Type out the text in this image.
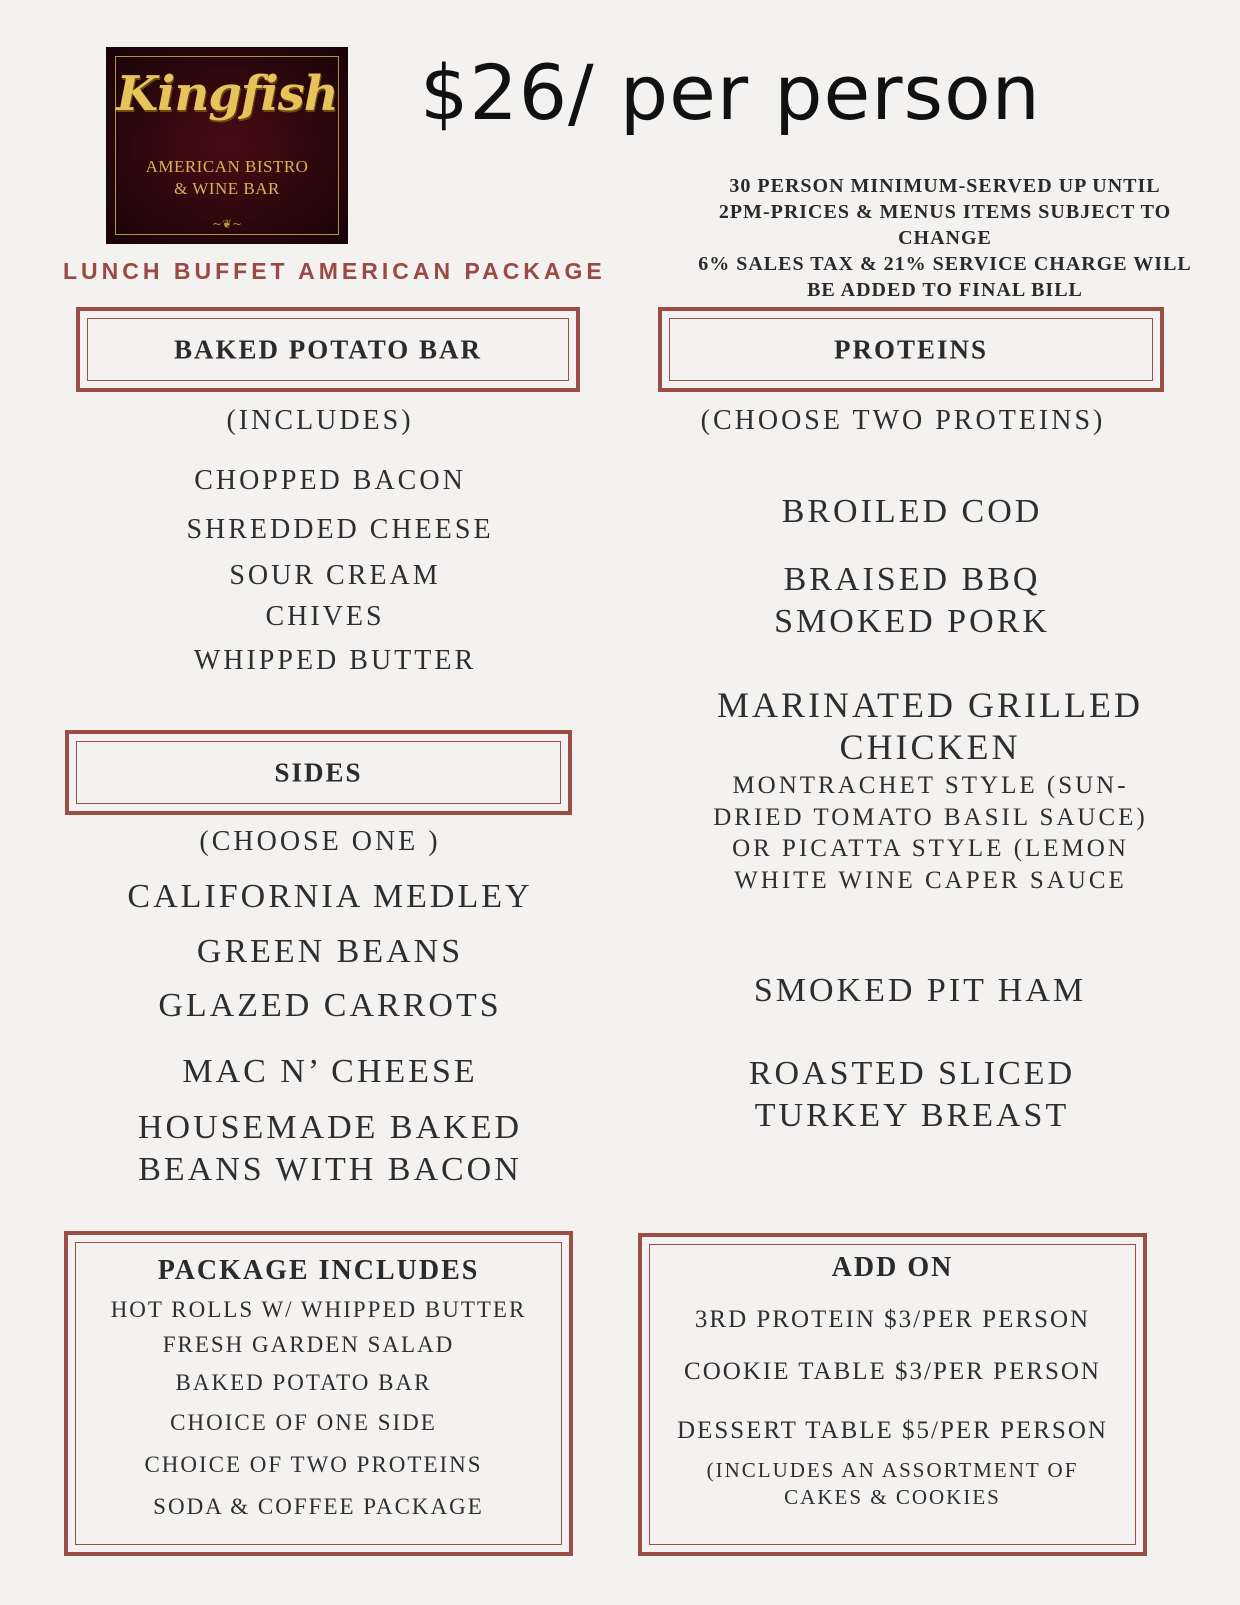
Kingfish
AMERICAN BISTRO
& WINE BAR
~❦~
$26/ per person
30 PERSON MINIMUM-SERVED UP UNTIL
2PM-PRICES & MENUS ITEMS SUBJECT TO
CHANGE
6% SALES TAX & 21% SERVICE CHARGE WILL
BE ADDED TO FINAL BILL
LUNCH BUFFET AMERICAN PACKAGE
BAKED POTATO BAR
(INCLUDES)
CHOPPED BACON
SHREDDED CHEESE
SOUR CREAM
CHIVES
WHIPPED BUTTER
PROTEINS
(CHOOSE TWO PROTEINS)
BROILED COD
BRAISED BBQ
SMOKED PORK
MARINATED GRILLED
CHICKEN
MONTRACHET STYLE (SUN-DRIED TOMATO BASIL SAUCE) OR PICATTA STYLE (LEMON WHITE WINE CAPER SAUCE
SMOKED PIT HAM
ROASTED SLICED
TURKEY BREAST
SIDES
(CHOOSE ONE )
CALIFORNIA MEDLEY
GREEN BEANS
GLAZED CARROTS
MAC N’ CHEESE
HOUSEMADE BAKED
BEANS WITH BACON
PACKAGE INCLUDES
HOT ROLLS W/ WHIPPED BUTTER
FRESH GARDEN SALAD
BAKED POTATO BAR
CHOICE OF ONE SIDE
CHOICE OF TWO PROTEINS
SODA & COFFEE PACKAGE
ADD ON
3RD PROTEIN $3/PER PERSON
COOKIE TABLE $3/PER PERSON
DESSERT TABLE $5/PER PERSON
(INCLUDES AN ASSORTMENT OF
CAKES & COOKIES
